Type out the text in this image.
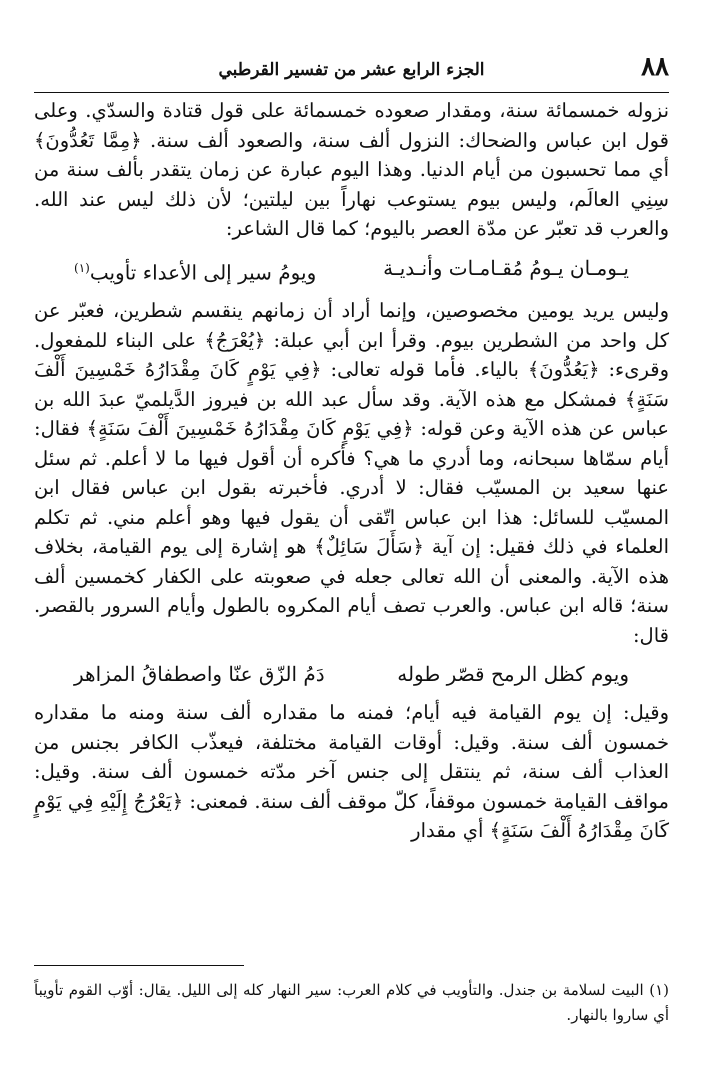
٨٨
الجزء الرابع عشر من تفسير القرطبي

نزوله خمسمائة سنة، ومقدار صعوده خمسمائة على قول قتادة والسدّي. وعلى قول ابن عباس والضحاك: النزول ألف سنة، والصعود ألف سنة. ﴿مِمَّا تَعُدُّونَ﴾ أي مما تحسبون من أيام الدنيا. وهذا اليوم عبارة عن زمان يتقدر بألف سنة من سِنِي العالَم، وليس بيوم يستوعب نهاراً بين ليلتين؛ لأن ذلك ليس عند الله. والعرب قد تعبّر عن مدّة العصر باليوم؛ كما قال الشاعر:

يـومـان يـومُ مُقـامـات وأنـديـة
ويومُ سير إلى الأعداء تأويب$^{(١)}$

وليس يريد يومين مخصوصين، وإنما أراد أن زمانهم ينقسم شطرين، فعبّر عن كل واحد من الشطرين بيوم. وقرأ ابن أبي عبلة: ﴿يُعْرَجُ﴾ على البناء للمفعول. وقرىء: ﴿يَعُدُّونَ﴾ بالياء. فأما قوله تعالى: ﴿فِي يَوْمٍ كَانَ مِقْدَارُهُ خَمْسِينَ أَلْفَ سَنَةٍ﴾ فمشكل مع هذه الآية. وقد سأل عبد الله بن فيروز الدَّيلميّ عبدَ الله بن عباس عن هذه الآية وعن قوله: ﴿فِي يَوْمٍ كَانَ مِقْدَارُهُ خَمْسِينَ أَلْفَ سَنَةٍ﴾ فقال: أيام سمّاها سبحانه، وما أدري ما هي؟ فأكره أن أقول فيها ما لا أعلم. ثم سئل عنها سعيد بن المسيّب فقال: لا أدري. فأخبرته بقول ابن عباس فقال ابن المسيّب للسائل: هذا ابن عباس اتّقى أن يقول فيها وهو أعلم مني. ثم تكلم العلماء في ذلك فقيل: إن آية ﴿سَأَلَ سَائِلٌ﴾ هو إشارة إلى يوم القيامة، بخلاف هذه الآية. والمعنى أن الله تعالى جعله في صعوبته على الكفار كخمسين ألف سنة؛ قاله ابن عباس. والعرب تصف أيام المكروه بالطول وأيام السرور بالقصر. قال:

ويوم كظل الرمح قصّر طوله
دَمُ الزّق عنّا واصطفاقُ المزاهر

وقيل: إن يوم القيامة فيه أيام؛ فمنه ما مقداره ألف سنة ومنه ما مقداره خمسون ألف سنة. وقيل: أوقات القيامة مختلفة، فيعذّب الكافر بجنس من العذاب ألف سنة، ثم ينتقل إلى جنس آخر مدّته خمسون ألف سنة. وقيل: مواقف القيامة خمسون موقفاً، كلّ موقف ألف سنة. فمعنى: ﴿يَعْرُجُ إِلَيْهِ فِي يَوْمٍ كَانَ مِقْدَارُهُ أَلْفَ سَنَةٍ﴾ أي مقدار

(١) البيت لسلامة بن جندل. والتأويب في كلام العرب: سير النهار كله إلى الليل. يقال: أوّب القوم تأويباً أي ساروا بالنهار.
